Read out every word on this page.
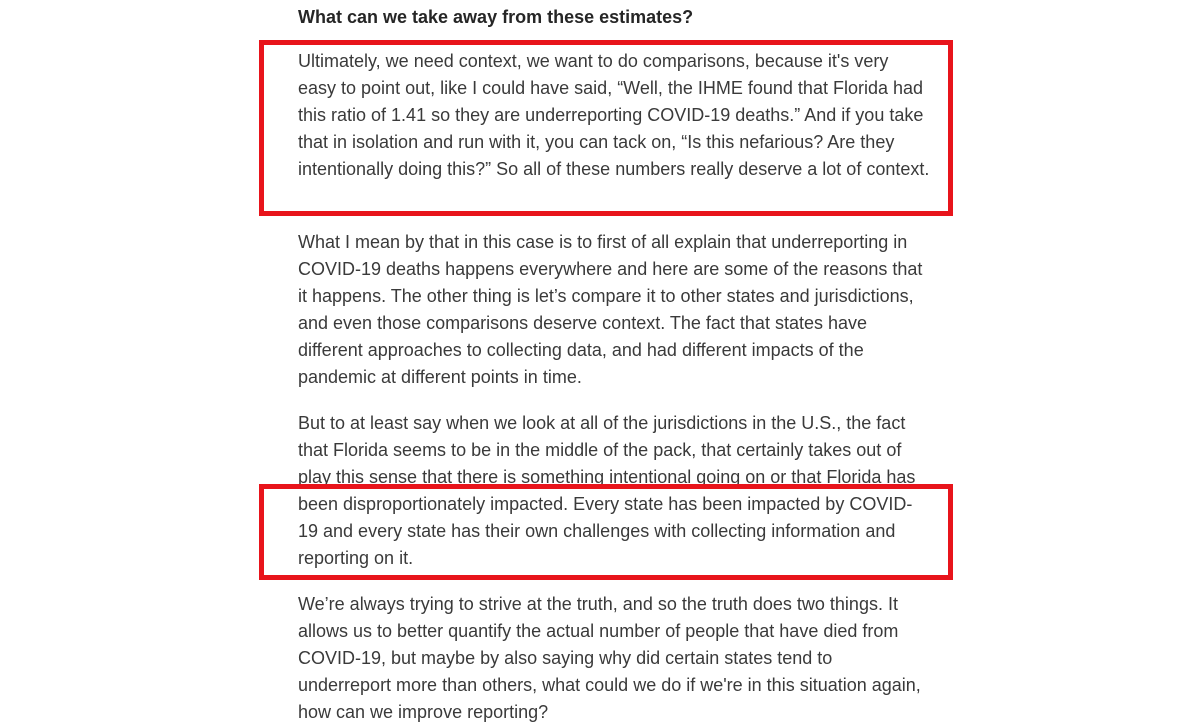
What can we take away from these estimates?

Ultimately, we need context, we want to do comparisons, because it's very easy to point out, like I could have said, “Well, the IHME found that Florida had this ratio of 1.41 so they are underreporting COVID-19 deaths.” And if you take that in isolation and run with it, you can tack on, “Is this nefarious? Are they intentionally doing this?” So all of these numbers really deserve a lot of context.

What I mean by that in this case is to first of all explain that underreporting in COVID-19 deaths happens everywhere and here are some of the reasons that it happens. The other thing is let’s compare it to other states and jurisdictions, and even those comparisons deserve context. The fact that states have different approaches to collecting data, and had different impacts of the pandemic at different points in time.

But to at least say when we look at all of the jurisdictions in the U.S., the fact that Florida seems to be in the middle of the pack, that certainly takes out of play this sense that there is something intentional going on or that Florida has been disproportionately impacted. Every state has been impacted by COVID-19 and every state has their own challenges with collecting information and reporting on it.

We’re always trying to strive at the truth, and so the truth does two things. It allows us to better quantify the actual number of people that have died from COVID-19, but maybe by also saying why did certain states tend to underreport more than others, what could we do if we're in this situation again, how can we improve reporting?
